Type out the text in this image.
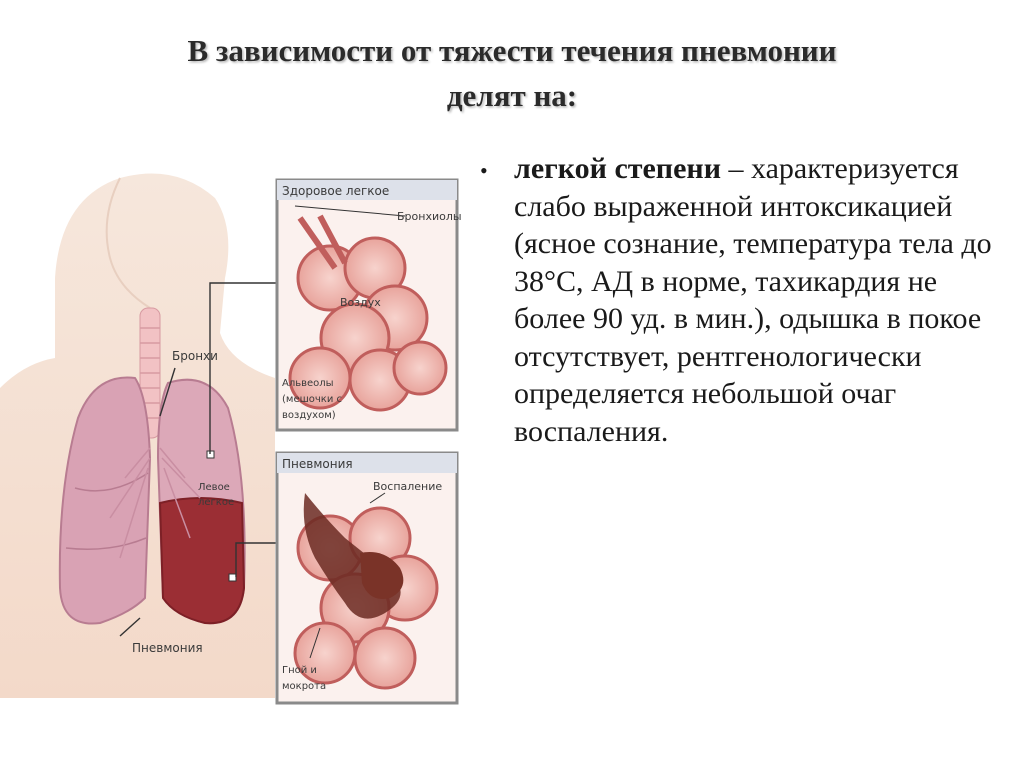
В зависимости от тяжести течения пневмонии
делят на:
Здоровое легкое
Бронхиолы
Воздух
Альвеолы
(мешочки с
воздухом)
Пневмония
Воспаление
Гной и
мокрота
Бронхи
Левое
легкое
Пневмония
• легкой степени – характеризуется слабо выраженной интоксикацией (ясное сознание, температура тела до 38°С, АД в норме, тахикардия не более 90 уд. в мин.), одышка в покое отсутствует, рентгенологически определяется небольшой очаг воспаления.
